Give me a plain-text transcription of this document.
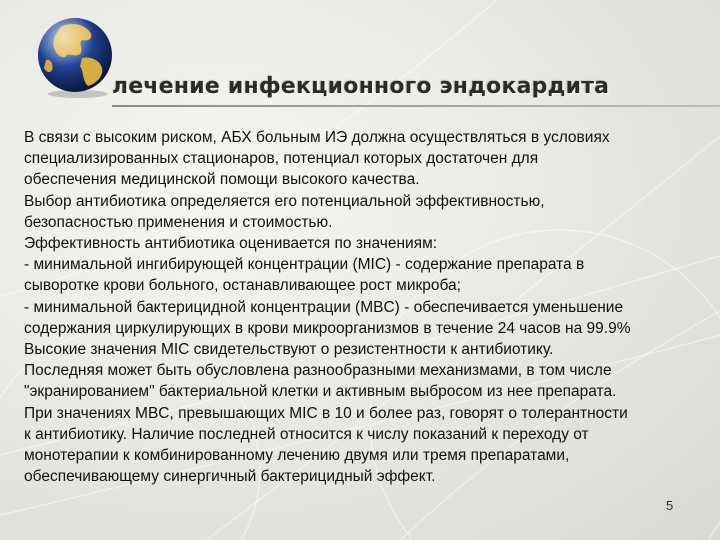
лечение инфекционного эндокардита
В связи с высоким риском, АБХ больным ИЭ должна осуществляться в условиях
специализированных стационаров, потенциал которых достаточен для
обеспечения медицинской помощи высокого качества.
Выбор антибиотика определяется его потенциальной эффективностью,
безопасностью применения и стоимостью.
Эффективность антибиотика оценивается по значениям:
- минимальной ингибирующей концентрации (MIC) - содержание препарата в
сыворотке крови больного, останавливающее рост микроба;
- минимальной бактерицидной концентрации (MBC) - обеспечивается уменьшение
содержания циркулирующих в крови микроорганизмов в течение 24 часов на 99.9%
Высокие значения MIC свидетельствуют о резистентности к антибиотику.
Последняя может быть обусловлена разнообразными механизмами, в том числе
"экранированием" бактериальной клетки и активным выбросом из нее препарата.
При значениях MBC, превышающих MIC в 10 и более раз, говорят о толерантности
к антибиотику. Наличие последней относится к числу показаний к переходу от
монотерапии к комбинированному лечению двумя или тремя препаратами,
обеспечивающему синергичный бактерицидный эффект.
5
